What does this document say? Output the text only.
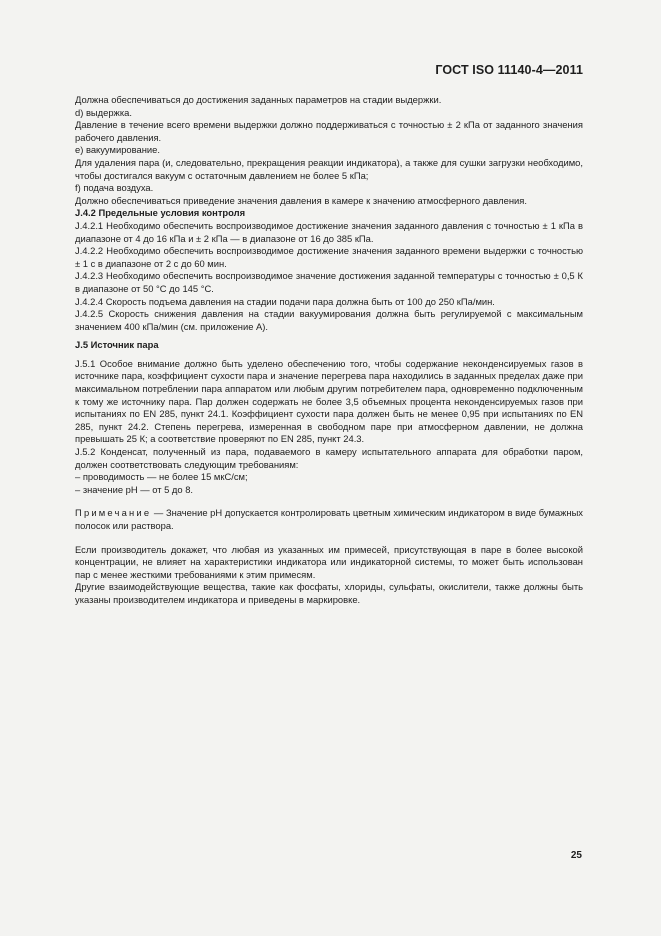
ГОСТ ISO 11140-4—2011

Должна обеспечиваться до достижения заданных параметров на стадии выдержки.

d) выдержка.

Давление в течение всего времени выдержки должно поддерживаться с точностью ± 2 кПа от заданного значения рабочего давления.

e) вакуумирование.

Для удаления пара (и, следовательно, прекращения реакции индикатора), а также для сушки загрузки необходимо, чтобы достигался вакуум с остаточным давлением не более 5 кПа;

f) подача воздуха.

Должно обеспечиваться приведение значения давления в камере к значению атмосферного давления.

J.4.2 Предельные условия контроля

J.4.2.1 Необходимо обеспечить воспроизводимое достижение значения заданного давления с точностью ± 1 кПа в диапазоне от 4 до 16 кПа и ± 2 кПа — в диапазоне от 16 до 385 кПа.

J.4.2.2 Необходимо обеспечить воспроизводимое достижение значения заданного времени выдержки с точностью ± 1 с в диапазоне от 2 с до 60 мин.

J.4.2.3 Необходимо обеспечить воспроизводимое значение достижения заданной температуры с точностью ± 0,5 К в диапазоне от 50 °С до 145 °С.

J.4.2.4 Скорость подъема давления на стадии подачи пара должна быть от 100 до 250 кПа/мин.

J.4.2.5 Скорость снижения давления на стадии вакуумирования должна быть регулируемой с максимальным значением 400 кПа/мин (см. приложение А).

J.5 Источник пара

J.5.1 Особое внимание должно быть уделено обеспечению того, чтобы содержание неконденсируемых газов в источнике пара, коэффициент сухости пара и значение перегрева пара находились в заданных пределах даже при максимальном потреблении пара аппаратом или любым другим потребителем пара, одновременно подключенным к тому же источнику пара. Пар должен содержать не более 3,5 объемных процента неконденсируемых газов при испытаниях по EN 285, пункт 24.1. Коэффициент сухости пара должен быть не менее 0,95 при испытаниях по EN 285, пункт 24.2. Степень перегрева, измеренная в свободном паре при атмосферном давлении, не должна превышать 25 К; а соответствие проверяют по EN 285, пункт 24.3.

J.5.2 Конденсат, полученный из пара, подаваемого в камеру испытательного аппарата для обработки паром, должен соответствовать следующим требованиям:

– проводимость — не более 15 мкС/см;

– значение pH — от 5 до 8.

Примечание — Значение pH допускается контролировать цветным химическим индикатором в виде бумажных полосок или раствора.

Если производитель докажет, что любая из указанных им примесей, присутствующая в паре в более высокой концентрации, не влияет на характеристики индикатора или индикаторной системы, то может быть использован пар с менее жесткими требованиями к этим примесям.

Другие взаимодействующие вещества, такие как фосфаты, хлориды, сульфаты, окислители, также должны быть указаны производителем индикатора и приведены в маркировке.

25
